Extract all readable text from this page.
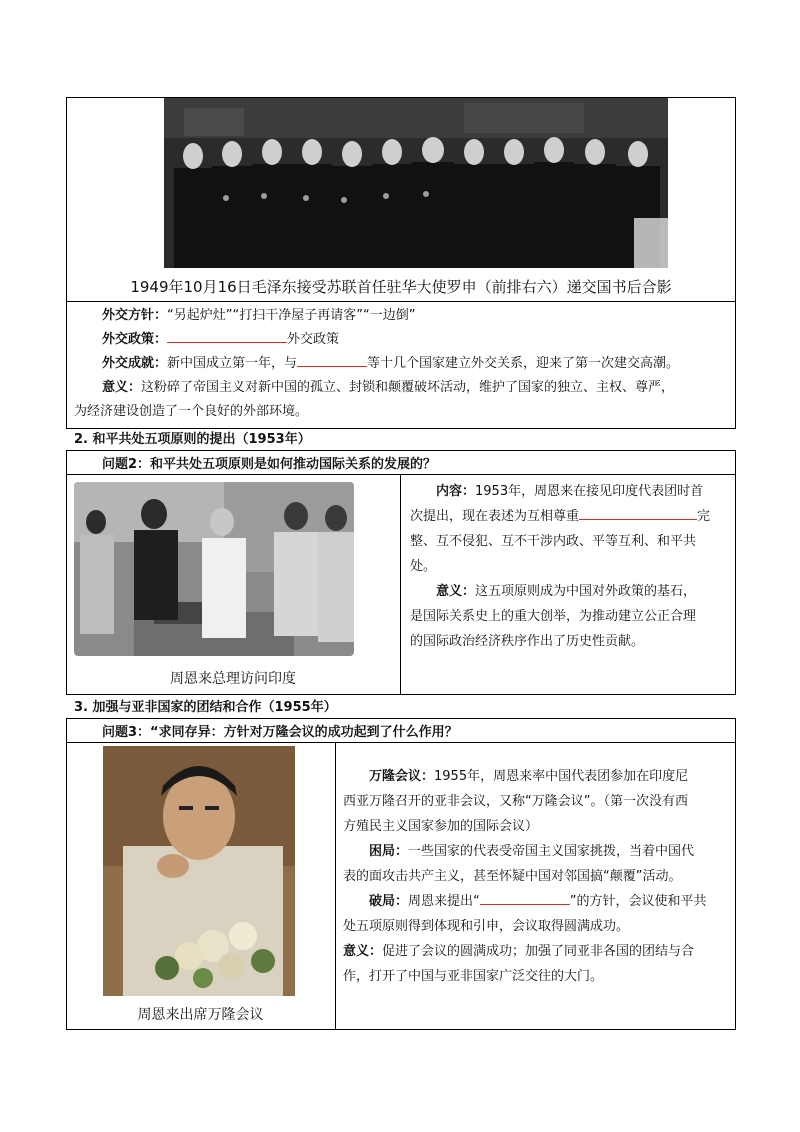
1949年10月16日毛泽东接受苏联首任驻华大使罗申（前排右六）递交国书后合影
外交方针：“另起炉灶”“打扫干净屋子再请客”“一边倒”
外交政策：	外交政策
外交成就：新中国成立第一年，与	等十几个国家建立外交关系，迎来了第一次建交高潮。
意义：这粉碎了帝国主义对新中国的孤立、封锁和颠覆破坏活动，维护了国家的独立、主权、尊严，
为经济建设创造了一个良好的外部环境。
2. 和平共处五项原则的提出（1953年）
问题2：和平共处五项原则是如何推动国际关系的发展的？
周恩来总理访问印度
内容：1953年，周恩来在接见印度代表团时首
次提出，现在表述为互相尊重	完
整、互不侵犯、互不干涉内政、平等互利、和平共
处。
意义：这五项原则成为中国对外政策的基石，
是国际关系史上的重大创举，为推动建立公正合理
的国际政治经济秩序作出了历史性贡献。
3. 加强与亚非国家的团结和合作（1955年）
问题3：“求同存异：方针对万隆会议的成功起到了什么作用？
周恩来出席万隆会议
万隆会议：1955年，周恩来率中国代表团参加在印度尼
西亚万隆召开的亚非会议，又称“万隆会议”。（第一次没有西
方殖民主义国家参加的国际会议）
困局：一些国家的代表受帝国主义国家挑拨，当着中国代
表的面攻击共产主义，甚至怀疑中国对邻国搞“颠覆”活动。
破局：周恩来提出“	”的方针，会议使和平共
处五项原则得到体现和引申，会议取得圆满成功。
意义：促进了会议的圆满成功；加强了同亚非各国的团结与合
作，打开了中国与亚非国家广泛交往的大门。
